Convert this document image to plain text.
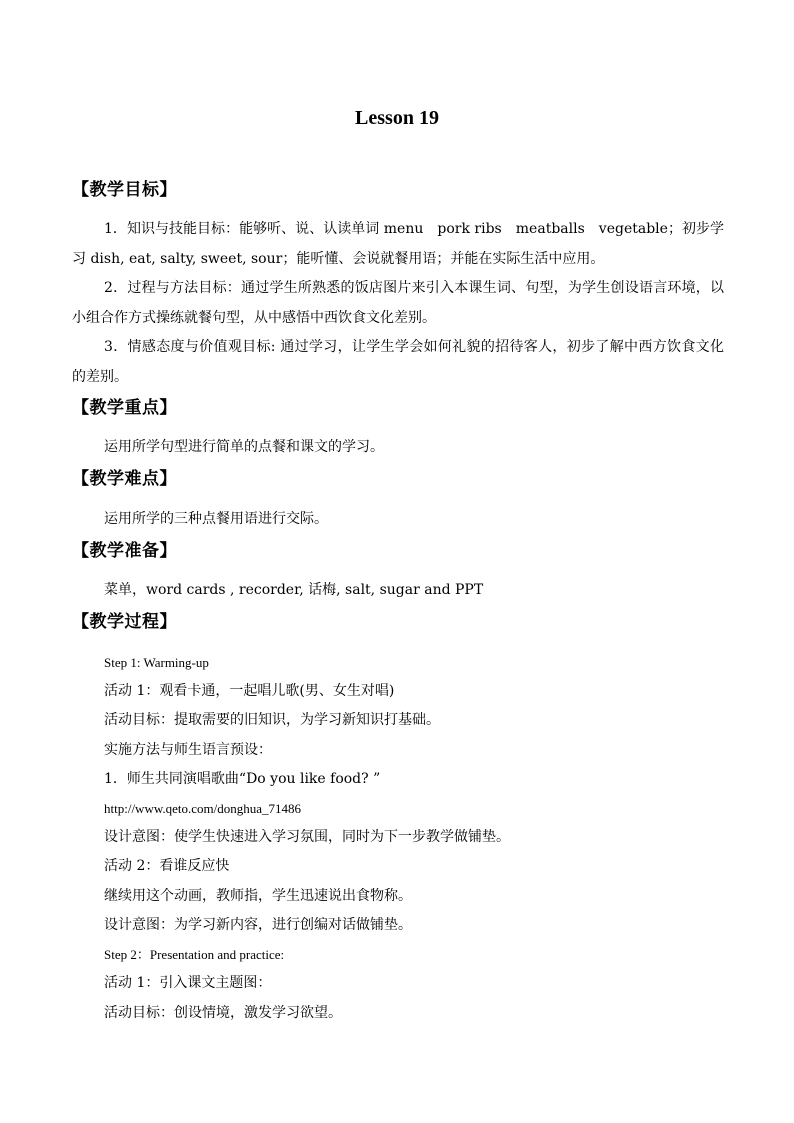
Lesson 19
【教学目标】

1．知识与技能目标：能够听、说、认读单词 menu　pork ribs　meatballs　vegetable；初步学习 dish, eat, salty, sweet, sour；能听懂、会说就餐用语；并能在实际生活中应用。

2．过程与方法目标：通过学生所熟悉的饭店图片来引入本课生词、句型，为学生创设语言环境，以小组合作方式操练就餐句型，从中感悟中西饮食文化差别。

3．情感态度与价值观目标: 通过学习，让学生学会如何礼貌的招待客人，初步了解中西方饮食文化的差别。

【教学重点】

运用所学句型进行简单的点餐和课文的学习。

【教学难点】

运用所学的三种点餐用语进行交际。

【教学准备】

菜单，word cards , recorder, 话梅, salt, sugar and PPT

【教学过程】

Step 1: Warming-up

活动 1：观看卡通，一起唱儿歌(男、女生对唱)

活动目标：提取需要的旧知识，为学习新知识打基础。

实施方法与师生语言预设：

1．师生共同演唱歌曲“Do you like food? ”

http://www.qeto.com/donghua_71486

设计意图：使学生快速进入学习氛围，同时为下一步教学做铺垫。

活动 2：看谁反应快

继续用这个动画，教师指，学生迅速说出食物称。

设计意图：为学习新内容，进行创编对话做铺垫。

Step 2：Presentation and practice:

活动 1：引入课文主题图：

活动目标：创设情境，激发学习欲望。
